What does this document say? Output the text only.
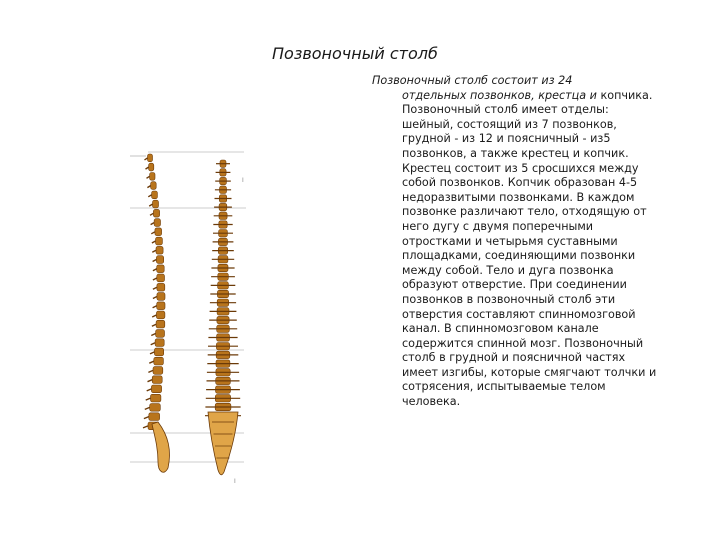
Позвоночный столб
I
I
Позвоночный столб состоит из 24
отдельных позвонков, крестца и копчика.
Позвоночный столб имеет отделы:
шейный, состоящий из 7 позвонков,
грудной - из 12 и поясничный - из5
позвонков, а также крестец и копчик.
Крестец состоит из 5 сросшихся между
собой позвонков. Копчик образован 4-5
недоразвитыми позвонками. В каждом
позвонке различают тело, отходящую от
него дугу с двумя поперечными
отростками и четырьмя суставными
площадками, соединяющими позвонки
между собой. Тело и дуга позвонка
образуют отверстие. При соединении
позвонков в позвоночный столб эти
отверстия составляют спинномозговой
канал. В спинномозговом канале
содержится спинной мозг. Позвоночный
столб в грудной и поясничной частях
имеет изгибы, которые смягчают толчки и
сотрясения, испытываемые телом
человека.
